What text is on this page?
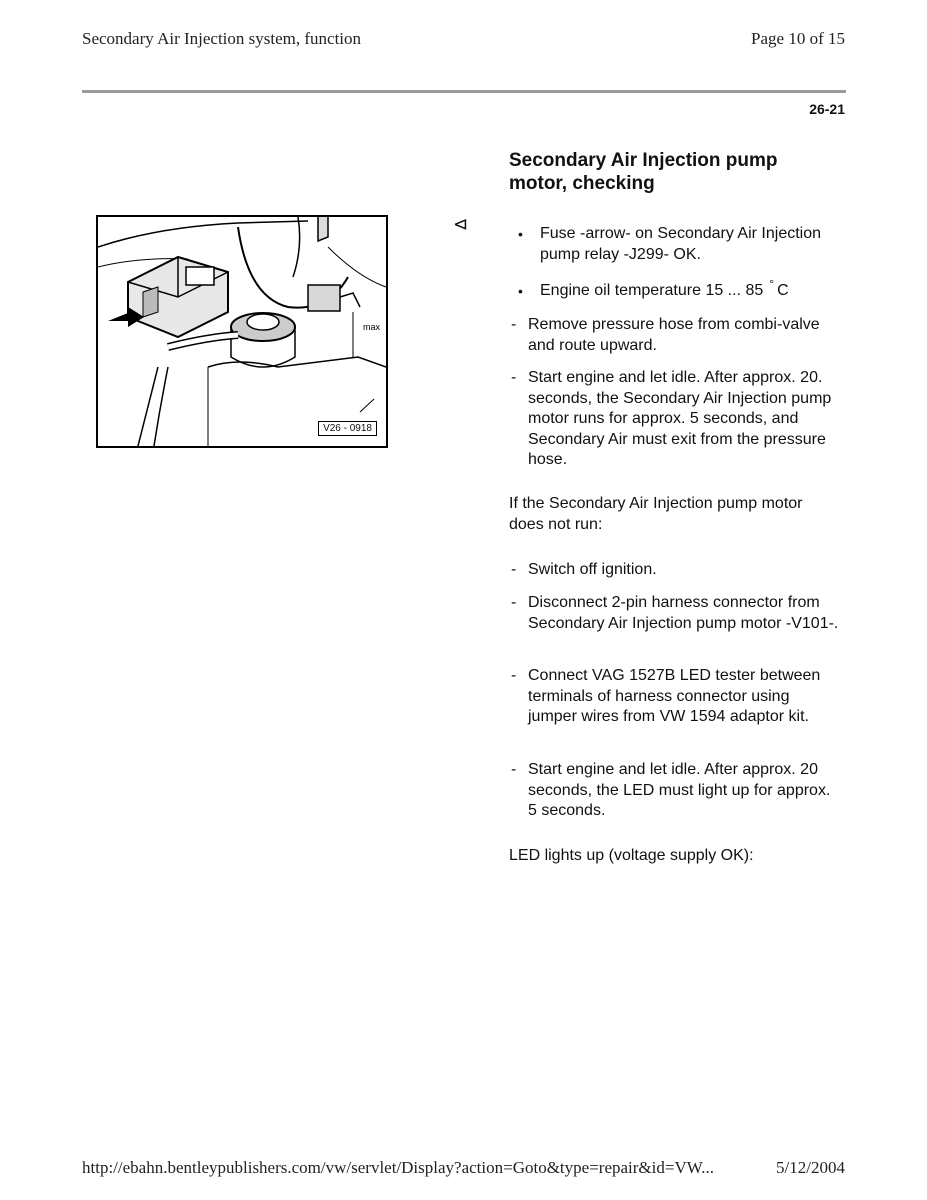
Secondary Air Injection system, function	Page 10 of 15
26-21
Secondary Air Injection pump motor, checking
max
V26 - 0918
⊲	•	Fuse -arrow- on Secondary Air Injection pump relay -J299- OK.
•	Engine oil temperature 15 ... 85 ° C
- Remove pressure hose from combi-valve and route upward.
- Start engine and let idle. After approx. 20. seconds, the Secondary Air Injection pump motor runs for approx. 5 seconds, and Secondary Air must exit from the pressure hose.
If the Secondary Air Injection pump motor does not run:
- Switch off ignition.
- Disconnect 2-pin harness connector from Secondary Air Injection pump motor -V101-.
- Connect VAG 1527B LED tester between terminals of harness connector using jumper wires from VW 1594 adaptor kit.
- Start engine and let idle. After approx. 20 seconds, the LED must light up for approx. 5 seconds.
LED lights up (voltage supply OK):
http://ebahn.bentleypublishers.com/vw/servlet/Display?action=Goto&type=repair&id=VW...	5/12/2004
